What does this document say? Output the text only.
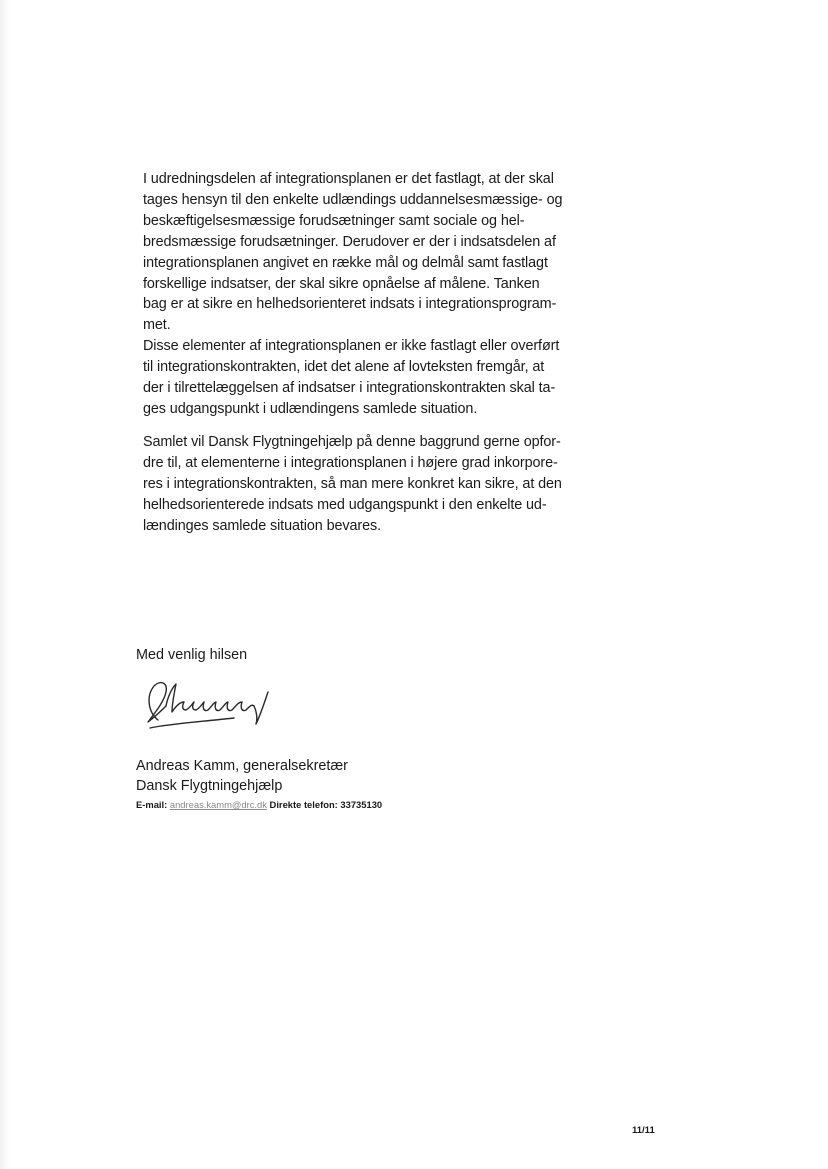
I udredningsdelen af integrationsplanen er det fastlagt, at der skal
tages hensyn til den enkelte udlændings uddannelsesmæssige- og
beskæftigelsesmæssige forudsætninger samt sociale og hel-
bredsmæssige forudsætninger. Derudover er der i indsatsdelen af
integrationsplanen angivet en række mål og delmål samt fastlagt
forskellige indsatser, der skal sikre opnåelse af målene. Tanken
bag er at sikre en helhedsorienteret indsats i integrationsprogram-
met.
Disse elementer af integrationsplanen er ikke fastlagt eller overført
til integrationskontrakten, idet det alene af lovteksten fremgår, at
der i tilrettelæggelsen af indsatser i integrationskontrakten skal ta-
ges udgangspunkt i udlændingens samlede situation.

Samlet vil Dansk Flygtningehjælp på denne baggrund gerne opfor-
dre til, at elementerne i integrationsplanen i højere grad inkorpore-
res i integrationskontrakten, så man mere konkret kan sikre, at den
helhedsorienterede indsats med udgangspunkt i den enkelte ud-
lændinges samlede situation bevares.

Med venlig hilsen
Andreas Kamm, generalsekretær
Dansk Flygtningehjælp
E-mail: andreas.kamm@drc.dk Direkte telefon: 33735130
11/11
